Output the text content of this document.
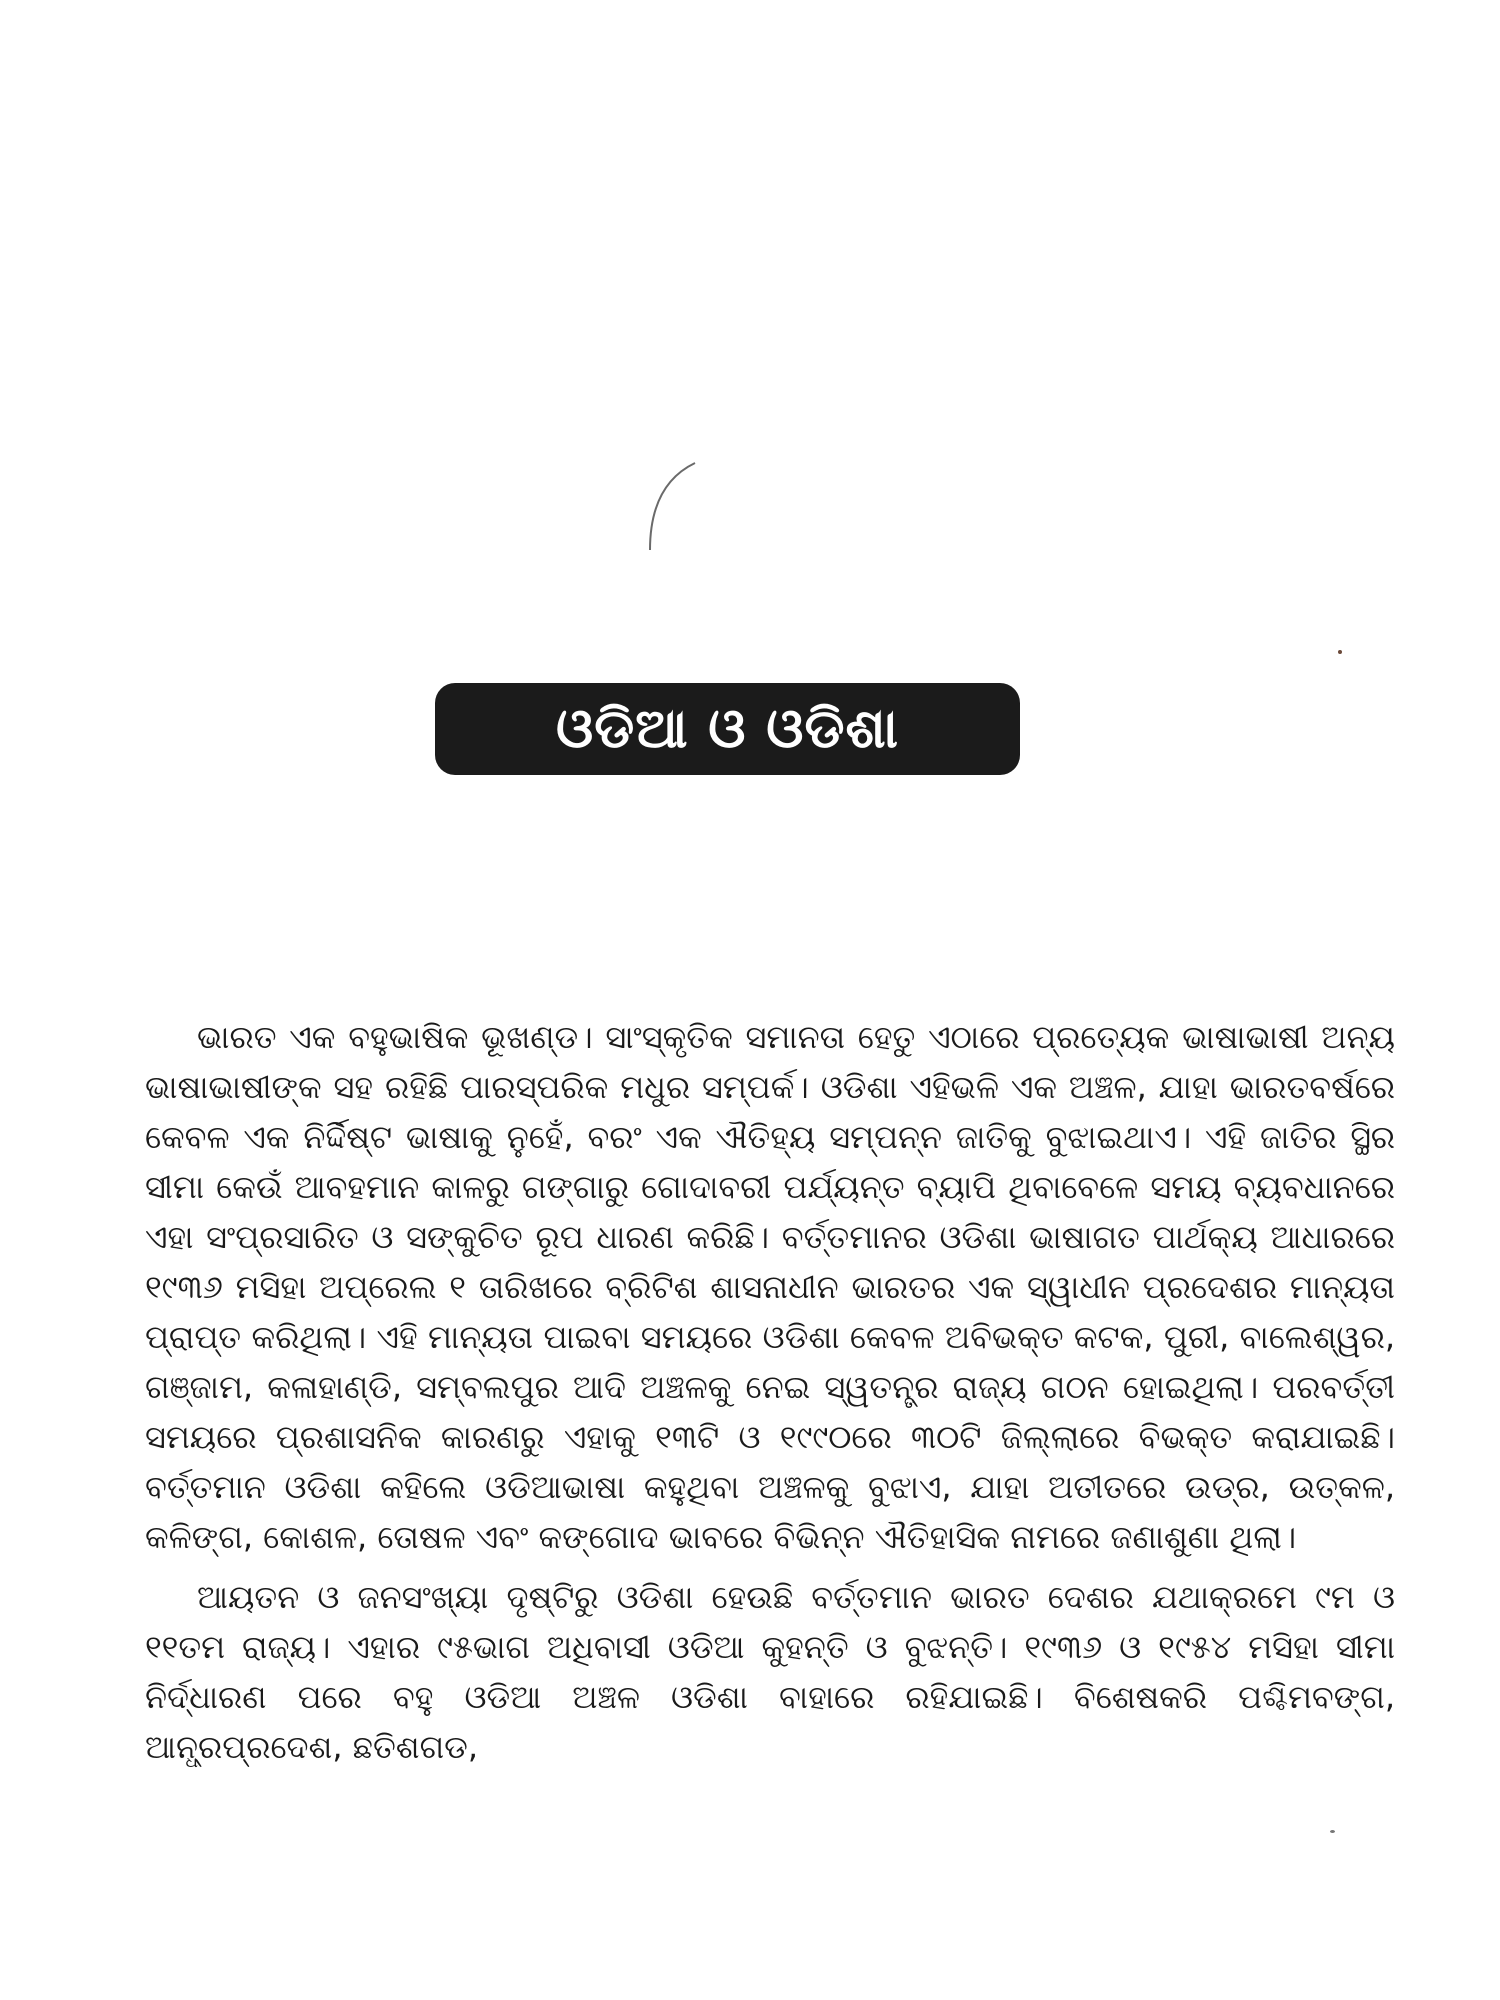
ଓଡିଆ ଓ ଓଡିଶା

ଭାରତ ଏକ ବହୁଭାଷିକ ଭୂଖଣ୍ଡ। ସାଂସ୍କୃତିକ ସମାନତା ହେତୁ ଏଠାରେ ପ୍ରତ୍ୟେକ ଭାଷାଭାଷୀ ଅନ୍ୟ ଭାଷାଭାଷୀଙ୍କ ସହ ରହିଛି ପାରସ୍ପରିକ ମଧୁର ସମ୍ପର୍କ। ଓଡିଶା ଏହିଭଳି ଏକ ଅଞ୍ଚଳ, ଯାହା ଭାରତବର୍ଷରେ କେବଳ ଏକ ନିର୍ଦ୍ଦିଷ୍ଟ ଭାଷାକୁ ନୁହେଁ, ବରଂ ଏକ ଐତିହ୍ୟ ସମ୍ପନ୍ନ ଜାତିକୁ ବୁଝାଇଥାଏ। ଏହି ଜାତିର ସ୍ଥିର ସୀମା କେଉଁ ଆବହମାନ କାଳରୁ ଗଙ୍ଗାରୁ ଗୋଦାବରୀ ପର୍ଯ୍ୟନ୍ତ ବ୍ୟାପି ଥିବାବେଳେ ସମୟ ବ୍ୟବଧାନରେ ଏହା ସଂପ୍ରସାରିତ ଓ ସଙ୍କୁଚିତ ରୂପ ଧାରଣ କରିଛି। ବର୍ତ୍ତମାନର ଓଡିଶା ଭାଷାଗତ ପାର୍ଥକ୍ୟ ଆଧାରରେ ୧୯୩୬ ମସିହା ଅପ୍ରେଲ ୧ ତାରିଖରେ ବ୍ରିଟିଶ ଶାସନାଧୀନ ଭାରତର ଏକ ସ୍ୱାଧୀନ ପ୍ରଦେଶର ମାନ୍ୟତା ପ୍ରାପ୍ତ କରିଥିଲା। ଏହି ମାନ୍ୟତା ପାଇବା ସମୟରେ ଓଡିଶା କେବଳ ଅବିଭକ୍ତ କଟକ, ପୁରୀ, ବାଲେଶ୍ୱର, ଗଞ୍ଜାମ, କଳାହାଣ୍ଡି, ସମ୍ବଲପୁର ଆଦି ଅଞ୍ଚଳକୁ ନେଇ ସ୍ୱତନ୍ତ୍ର ରାଜ୍ୟ ଗଠନ ହୋଇଥିଲା। ପରବର୍ତ୍ତୀ ସମୟରେ ପ୍ରଶାସନିକ କାରଣରୁ ଏହାକୁ ୧୩ଟି ଓ ୧୯୯୦ରେ ୩୦ଟି ଜିଲ୍ଲାରେ ବିଭକ୍ତ କରାଯାଇଛି। ବର୍ତ୍ତମାନ ଓଡିଶା କହିଲେ ଓଡିଆଭାଷା କହୁଥିବା ଅଞ୍ଚଳକୁ ବୁଝାଏ, ଯାହା ଅତୀତରେ ଉଡ୍ର, ଉତ୍କଳ, କଳିଙ୍ଗ, କୋଶଳ, ତୋଷଳ ଏବଂ କଙ୍ଗୋଦ ଭାବରେ ବିଭିନ୍ନ ଐତିହାସିକ ନାମରେ ଜଣାଶୁଣା ଥିଲା।

ଆୟତନ ଓ ଜନସଂଖ୍ୟା ଦୃଷ୍ଟିରୁ ଓଡିଶା ହେଉଛି ବର୍ତ୍ତମାନ ଭାରତ ଦେଶର ଯଥାକ୍ରମେ ୯ମ ଓ ୧୧ତମ ରାଜ୍ୟ। ଏହାର ୯୫ଭାଗ ଅଧିବାସୀ ଓଡିଆ କୁହନ୍ତି ଓ ବୁଝନ୍ତି। ୧୯୩୬ ଓ ୧୯୫୪ ମସିହା ସୀମା ନିର୍ଦ୍ଧାରଣ ପରେ ବହୁ ଓଡିଆ ଅଞ୍ଚଳ ଓଡିଶା ବାହାରେ ରହିଯାଇଛି। ବିଶେଷକରି ପଶ୍ଚିମବଙ୍ଗ, ଆନ୍ଧ୍ରପ୍ରଦେଶ, ଛତିଶଗଡ,
